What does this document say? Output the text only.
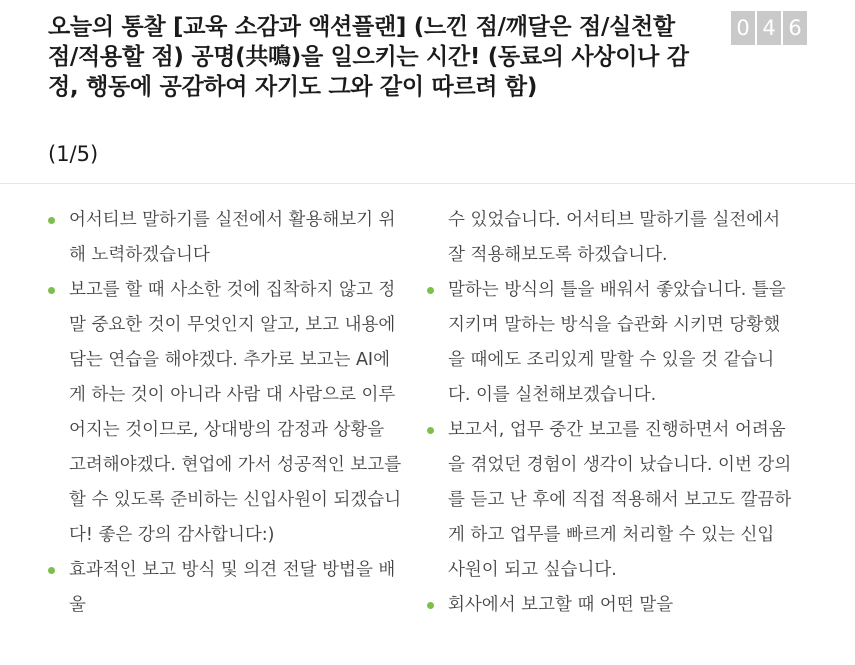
오늘의 통찰 [교육 소감과 액션플랜] (느낀 점/깨달은 점/실천할 점/적용할 점) 공명(共鳴)을 일으키는 시간! (동료의 사상이나 감정, 행동에 공감하여 자기도 그와 같이 따르려 함)
(1/5)
0 4 6
어서티브 말하기를 실전에서 활용해보기 위해 노력하겠습니다
보고를 할 때 사소한 것에 집착하지 않고 정말 중요한 것이 무엇인지 알고, 보고 내용에 담는 연습을 해야겠다. 추가로 보고는 AI에게 하는 것이 아니라 사람 대 사람으로 이루어지는 것이므로, 상대방의 감정과 상황을 고려해야겠다. 현업에 가서 성공적인 보고를 할 수 있도록 준비하는 신입사원이 되겠습니다! 좋은 강의 감사합니다:)
효과적인 보고 방식 및 의견 전달 방법을 배울
수 있었습니다. 어서티브 말하기를 실전에서 잘 적용해보도록 하겠습니다.
말하는 방식의 틀을 배워서 좋았습니다. 틀을 지키며 말하는 방식을 습관화 시키면 당황했을 때에도 조리있게 말할 수 있을 것 같습니다. 이를 실천해보겠습니다.
보고서, 업무 중간 보고를 진행하면서 어려움을 겪었던 경험이 생각이 났습니다. 이번 강의를 듣고 난 후에 직접 적용해서 보고도 깔끔하게 하고 업무를 빠르게 처리할 수 있는 신입 사원이 되고 싶습니다.
회사에서 보고할 때 어떤 말을
